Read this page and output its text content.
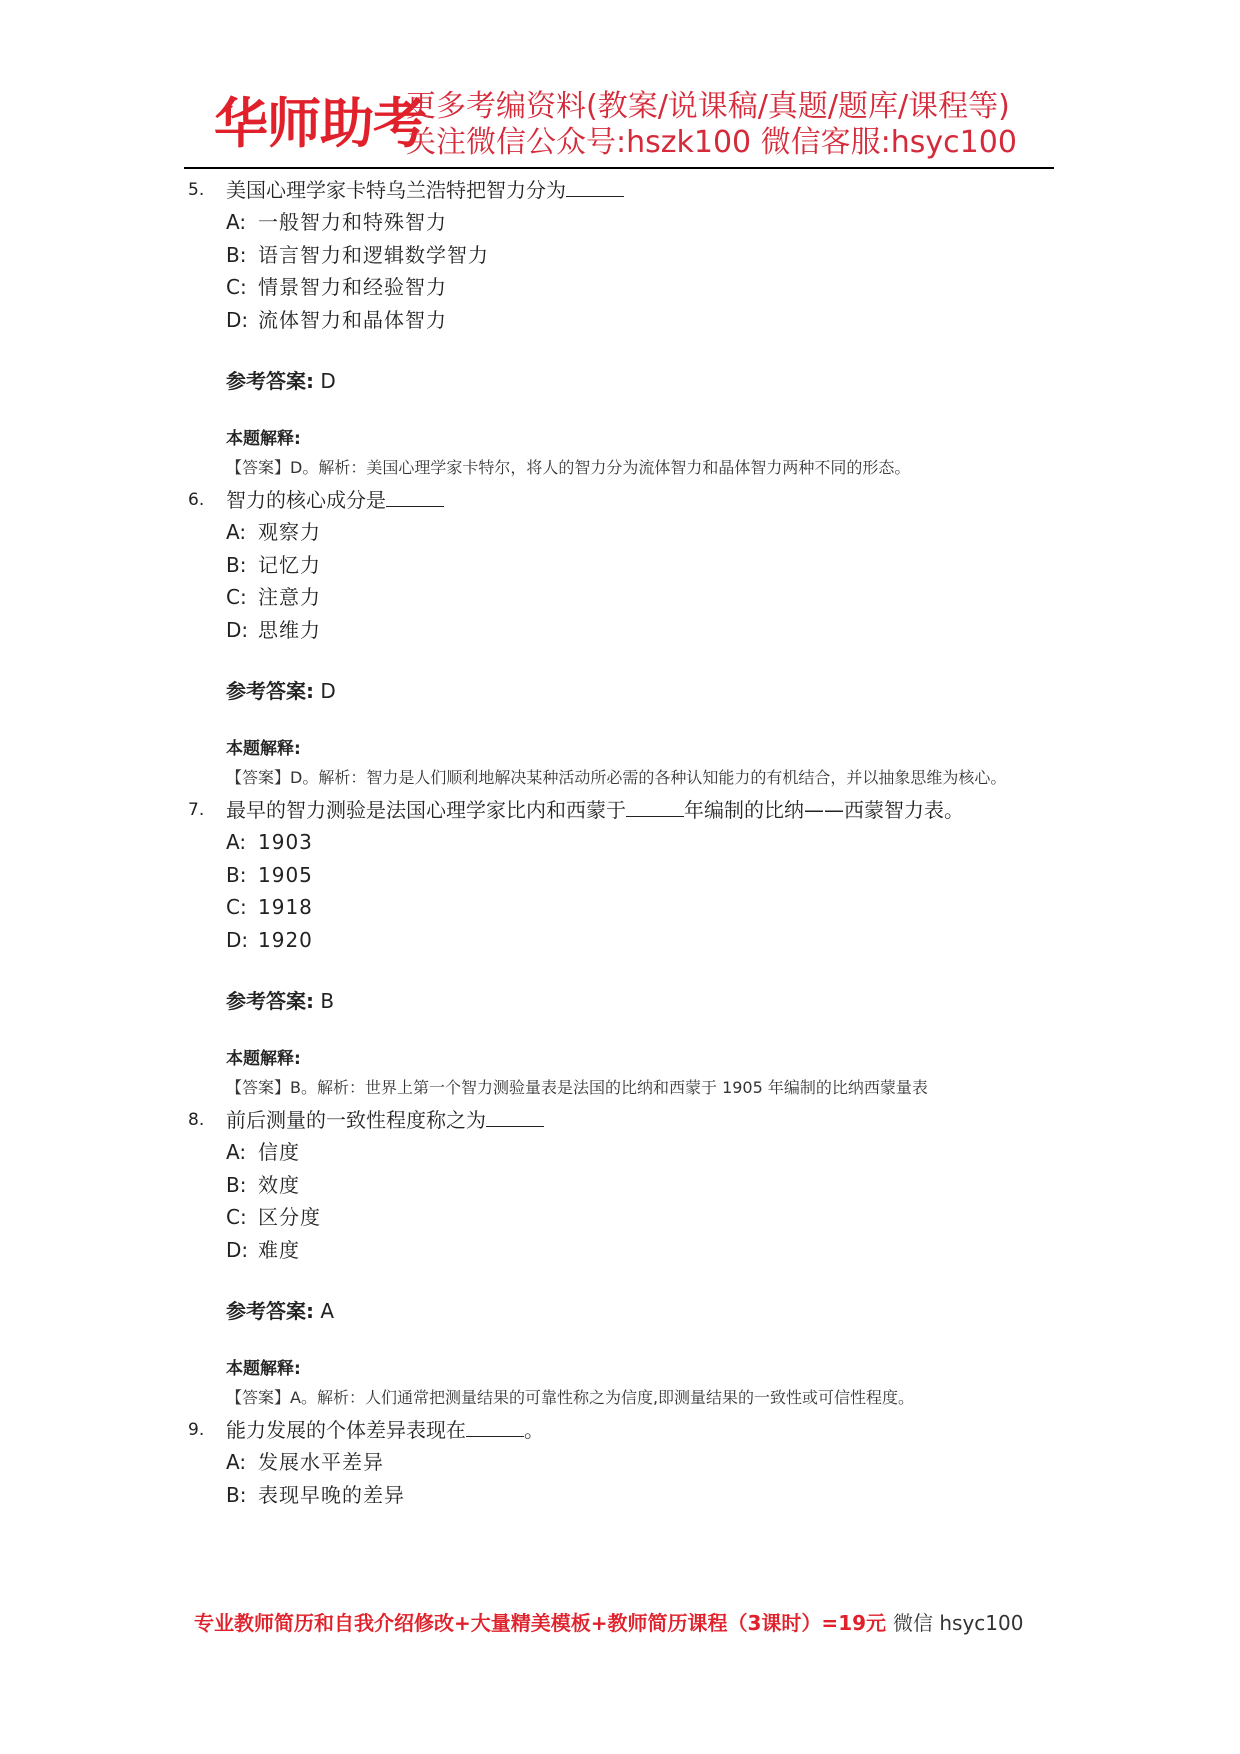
华师助考
更多考编资料(教案/说课稿/真题/题库/课程等)
关注微信公众号:hszk100 微信客服:hsyc100
5. 美国心理学家卡特乌兰浩特把智力分为
A: 一般智力和特殊智力
B: 语言智力和逻辑数学智力
C: 情景智力和经验智力
D: 流体智力和晶体智力
参考答案: D
本题解释:
【答案】D。解析：美国心理学家卡特尔，将人的智力分为流体智力和晶体智力两种不同的形态。
6. 智力的核心成分是
A: 观察力
B: 记忆力
C: 注意力
D: 思维力
参考答案: D
本题解释:
【答案】D。解析：智力是人们顺利地解决某种活动所必需的各种认知能力的有机结合，并以抽象思维为核心。
7. 最早的智力测验是法国心理学家比内和西蒙于	年编制的比纳——西蒙智力表。
A: 1903
B: 1905
C: 1918
D: 1920
参考答案: B
本题解释:
【答案】B。解析：世界上第一个智力测验量表是法国的比纳和西蒙于 1905 年编制的比纳西蒙量表
8. 前后测量的一致性程度称之为
A: 信度
B: 效度
C: 区分度
D: 难度
参考答案: A
本题解释:
【答案】A。解析：人们通常把测量结果的可靠性称之为信度,即测量结果的一致性或可信性程度。
9. 能力发展的个体差异表现在	。
A: 发展水平差异
B: 表现早晚的差异
专业教师简历和自我介绍修改+大量精美模板+教师简历课程（3课时）=19元 微信 hsyc100
